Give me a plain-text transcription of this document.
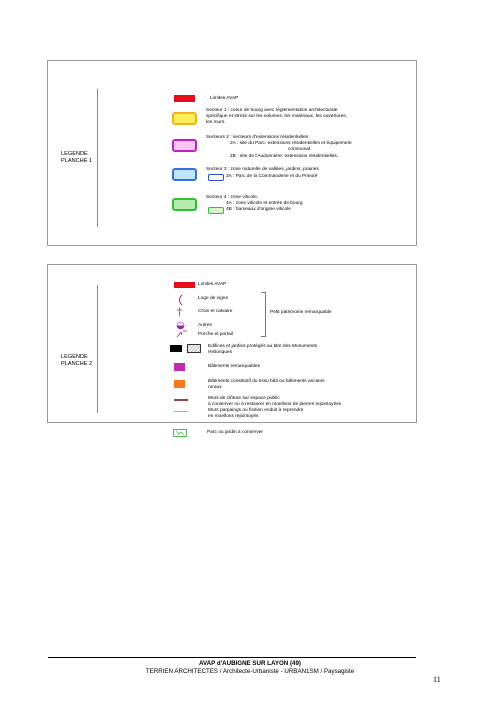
LEGENDE
PLANCHE 1
Limites AVAP
Secteur 1 : coeur de bourg avec réglementation architecturale
spécifique et stricte sur les volumes, les matériaux, les ouvertures,
les murs.
Secteurs 2 : secteurs d'extensions résidentielles
2A : site du Parc: extensions résidentielles et équipement
communal.
2B : site de l'Audonnière: extensions résidentielles.
Secteur 3 : zone naturelle de vallées, jardins, prairies
3A : Parc de la Commanderie et du Prieuré
Secteur 4 : zone viticole,
4A : zone viticole et entrée de bourg
4B : hameaux d'origine viticole
LEGENDE
PLANCHE 2
Limites AVAP
Loge de vigne
Croix et calvaire	Petit patrimoine remarquable
Autres
Porche et portail
Edifices et jardins protégés au titre des Monuments
Historiques
Bâtiments remarquables
Bâtiments constitutif du tissu bâti ou bâtiments anciens
ruraux
Murs de clôture sur espace public
à conserver ou à restaurer en moellons de pierres rejointoyées
Murs parpaings ou finition enduit à reprendre
en moellons rejointoyés
Parc ou jardin à conserver
AVAP d'AUBIGNE SUR LAYON (49)
TERRIEN ARCHITECTES / Architecte-Urbaniste - URBAN1SM / Paysagiste
11
